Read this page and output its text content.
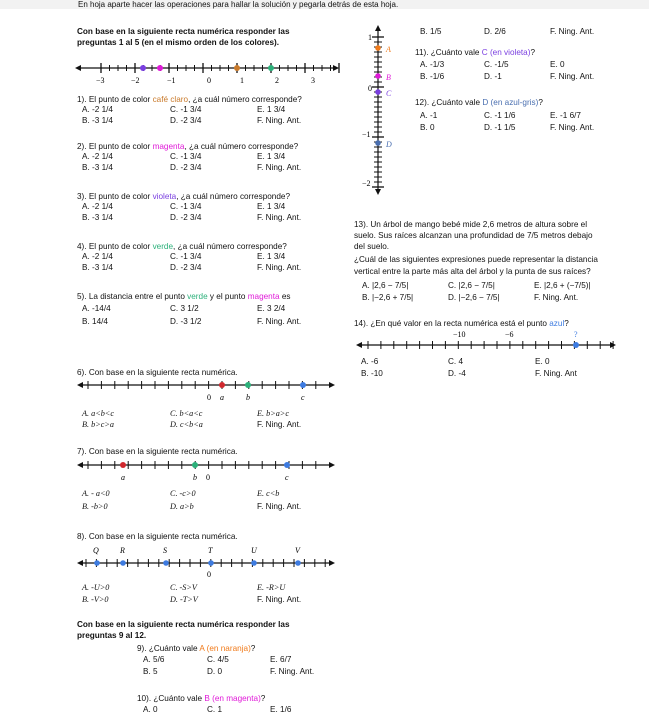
En hoja aparte hacer las operaciones para hallar la solución y pegarla detrás de esta hoja.
Con base en la siguiente recta numérica responder las
preguntas 1 al 5 (en el mismo orden de los colores).
−3	−2	−1	0	1	2	3
1). El punto de color café claro, ¿a cuál número corresponde?
A. -2 1/4
B. -3 1/4
C. -1 3/4
D. -2 3/4
E. 1 3/4
F. Ning. Ant.
2). El punto de color magenta, ¿a cuál número corresponde?
A. -2 1/4
B. -3 1/4
C. -1 3/4
D. -2 3/4
E. 1 3/4
F. Ning. Ant.
3). El punto de color violeta, ¿a cuál número corresponde?
A. -2 1/4
B. -3 1/4
C. -1 3/4
D. -2 3/4
E. 1 3/4
F. Ning. Ant.
4). El punto de color verde, ¿a cuál número corresponde?
A. -2 1/4
B. -3 1/4
C. -1 3/4
D. -2 3/4
E. 1 3/4
F. Ning. Ant.
5). La distancia entre el punto verde y el punto magenta es
A. -14/4
B. 14/4
C. 3 1/2
D. -3 1/2
E. 3 2/4
F. Ning. Ant.
6). Con base en la siguiente recta numérica.
0 a	b	c
A. a<b<c
B. b>c>a
C. b<a<c
D. c<b<a
E. b>a>c
F. Ning. Ant.
7). Con base en la siguiente recta numérica.
a	b 0	c
A. - a<0
B. -b>0
C. -c>0
D. a>b
E. c<b
F. Ning. Ant.
8). Con base en la siguiente recta numérica.
Q	R	S	T	U	V
0
A. -U>0
B. -V>0
C. -S>V
D. -T>V
E. -R>U
F. Ning. Ant.
Con base en la siguiente recta numérica responder las
preguntas 9 al 12.
9). ¿Cuánto vale A (en naranja)?
A. 5/6
B. 5
C. 4/5
D. 0
E. 6/7
F. Ning. Ant.
10). ¿Cuánto vale B (en magenta)?
A. 0	C. 1	E. 1/6
B. 1/5	D. 2/6	F. Ning. Ant.
1
0
−1
−2
A
B
C
D
11). ¿Cuánto vale C (en violeta)?
A. -1/3
B. -1/6
C. -1/5
D. -1
E. 0
F. Ning. Ant.
12). ¿Cuánto vale D (en azul-gris)?
A. -1
B. 0
C. -1 1/6
D. -1 1/5
E. -1 6/7
F. Ning. Ant.
13). Un árbol de mango bebé mide 2,6 metros de altura sobre el
suelo. Sus raíces alcanzan una profundidad de 7/5 metros debajo
del suelo.
¿Cuál de las siguientes expresiones puede representar la distancia
vertical entre la parte más alta del árbol y la punta de sus raíces?
A. |2,6 − 7/5|
B. |−2,6 + 7/5|
C. |2,6 − 7/5|
D. |−2,6 − 7/5|
E. |2,6 + (−7/5)|
F. Ning. Ant.
14). ¿En qué valor en la recta numérica está el punto azul?
−10	−6	?
A. -6
B. -10
C. 4
D. -4
E. 0
F. Ning. Ant
